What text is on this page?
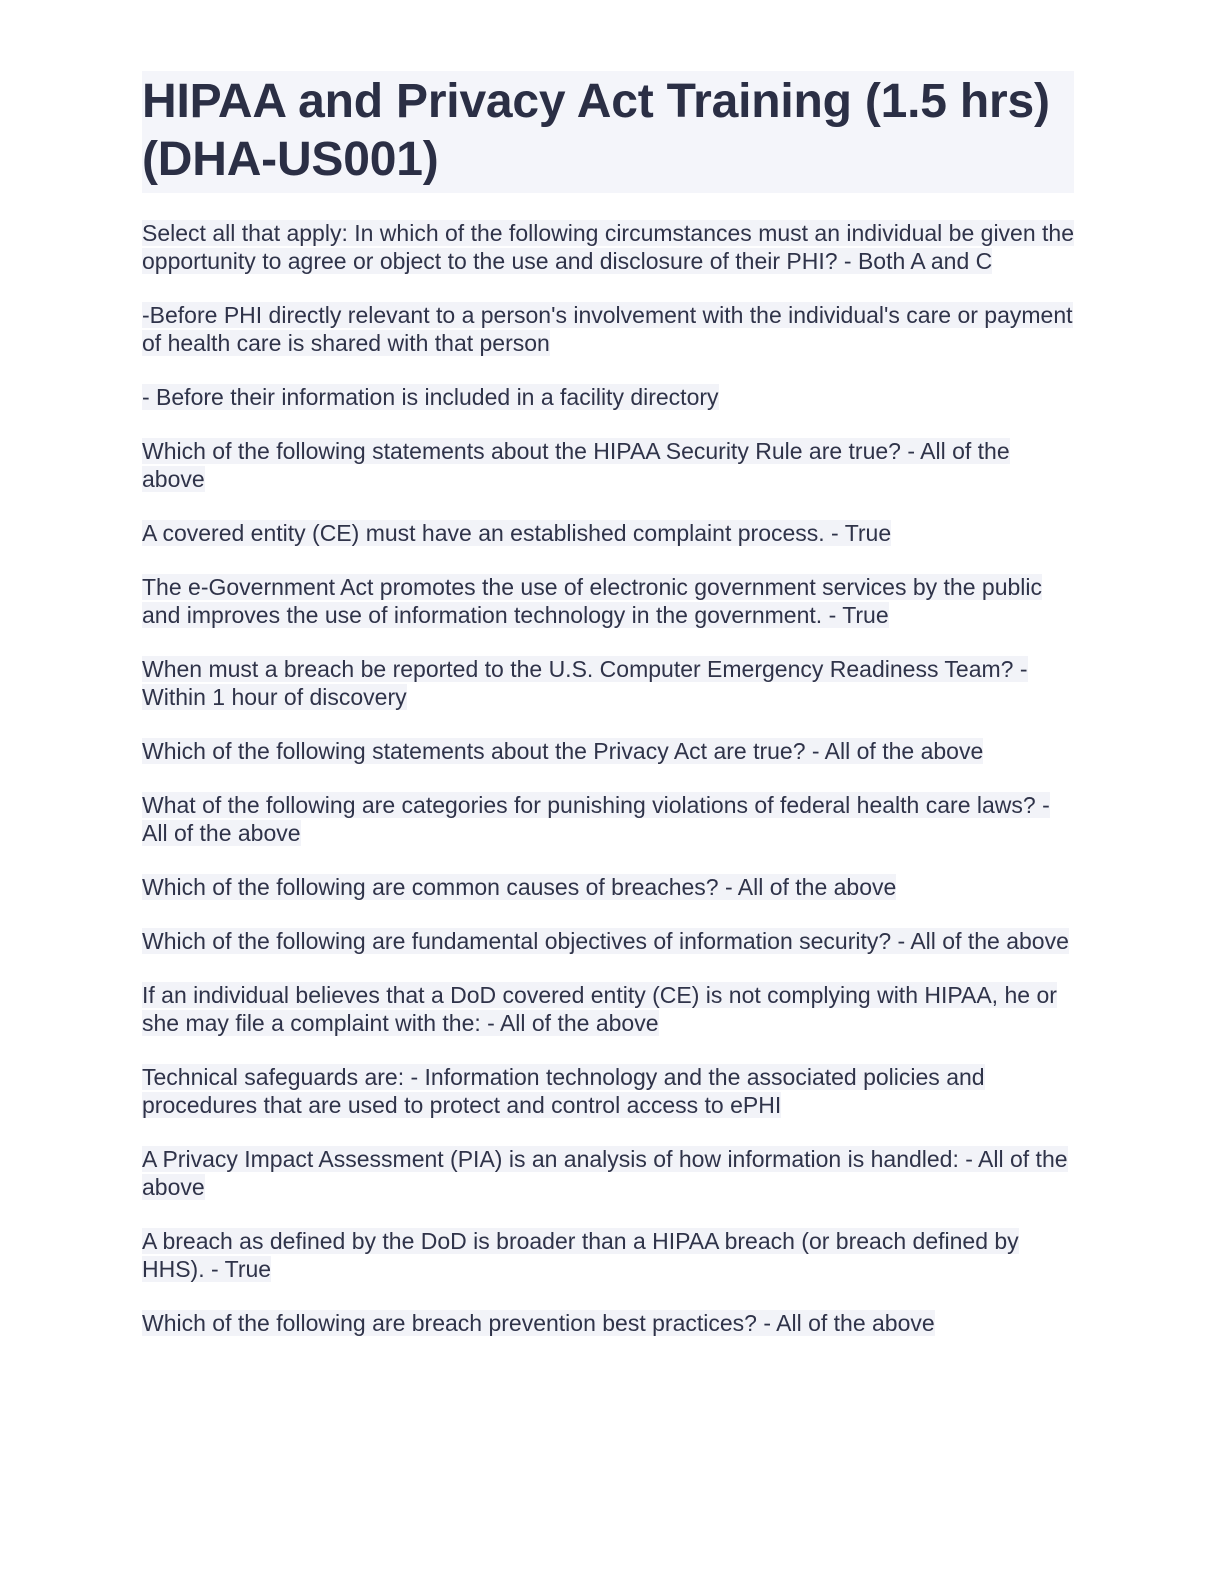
HIPAA and Privacy Act Training (1.5 hrs) (DHA-US001)

Select all that apply: In which of the following circumstances must an individual be given the opportunity to agree or object to the use and disclosure of their PHI? - Both A and C

-Before PHI directly relevant to a person's involvement with the individual's care or payment of health care is shared with that person

- Before their information is included in a facility directory

Which of the following statements about the HIPAA Security Rule are true? - All of the above

A covered entity (CE) must have an established complaint process. - True

The e-Government Act promotes the use of electronic government services by the public and improves the use of information technology in the government. - True

When must a breach be reported to the U.S. Computer Emergency Readiness Team? - Within 1 hour of discovery

Which of the following statements about the Privacy Act are true? - All of the above

What of the following are categories for punishing violations of federal health care laws? - All of the above

Which of the following are common causes of breaches? - All of the above

Which of the following are fundamental objectives of information security? - All of the above

If an individual believes that a DoD covered entity (CE) is not complying with HIPAA, he or she may file a complaint with the: - All of the above

Technical safeguards are: - Information technology and the associated policies and procedures that are used to protect and control access to ePHI

A Privacy Impact Assessment (PIA) is an analysis of how information is handled: - All of the above

A breach as defined by the DoD is broader than a HIPAA breach (or breach defined by HHS). - True

Which of the following are breach prevention best practices? - All of the above
